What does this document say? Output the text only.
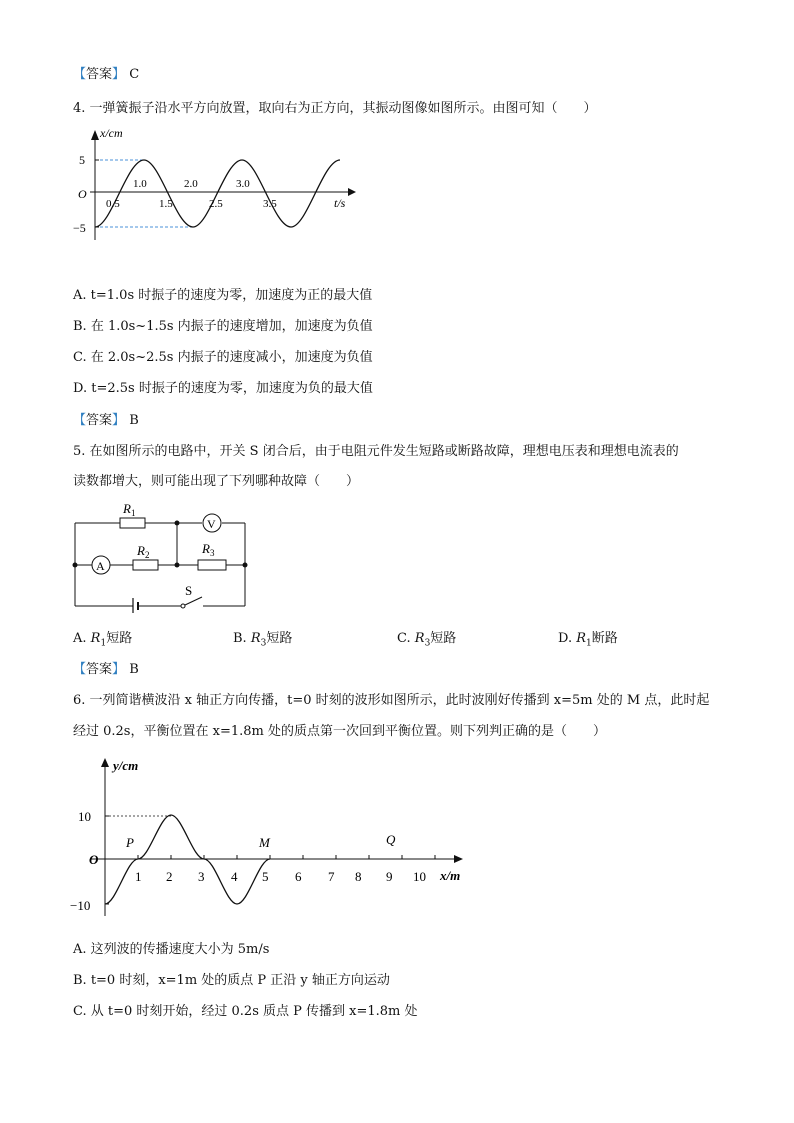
【答案】 C
4. 一弹簧振子沿水平方向放置，取向右为正方向，其振动图像如图所示。由图可知（　　）
x/cm
t/s
O
5
−5
0.5	1.5	2.5	3.5
1.0	2.0	3.0
A. t=1.0s 时振子的速度为零，加速度为正的最大值
B. 在 1.0s~1.5s 内振子的速度增加，加速度为负值
C. 在 2.0s~2.5s 内振子的速度减小，加速度为负值
D. t=2.5s 时振子的速度为零，加速度为负的最大值
【答案】 B
5. 在如图所示的电路中，开关 S 闭合后，由于电阻元件发生短路或断路故障，理想电压表和理想电流表的
读数都增大，则可能出现了下列哪种故障（　　）
$R_1$
V
A
$R_2$	$R_3$
S
A. $R_1$短路	B. $R_3$短路	C. $R_3$短路	D. $R_1$断路
【答案】 B
6. 一列简谐横波沿 x 轴正方向传播，t=0 时刻的波形如图所示，此时波刚好传播到 x=5m 处的 M 点，此时起
经过 0.2s，平衡位置在 x=1.8m 处的质点第一次回到平衡位置。则下列判正确的是（　　）
y/cm
x/m
O
10
−10
P	M	Q
1 2 3 4 5 6 7 8 9 10
A. 这列波的传播速度大小为 5m/s
B. t=0 时刻，x=1m 处的质点 P 正沿 y 轴正方向运动
C. 从 t=0 时刻开始，经过 0.2s 质点 P 传播到 x=1.8m 处
